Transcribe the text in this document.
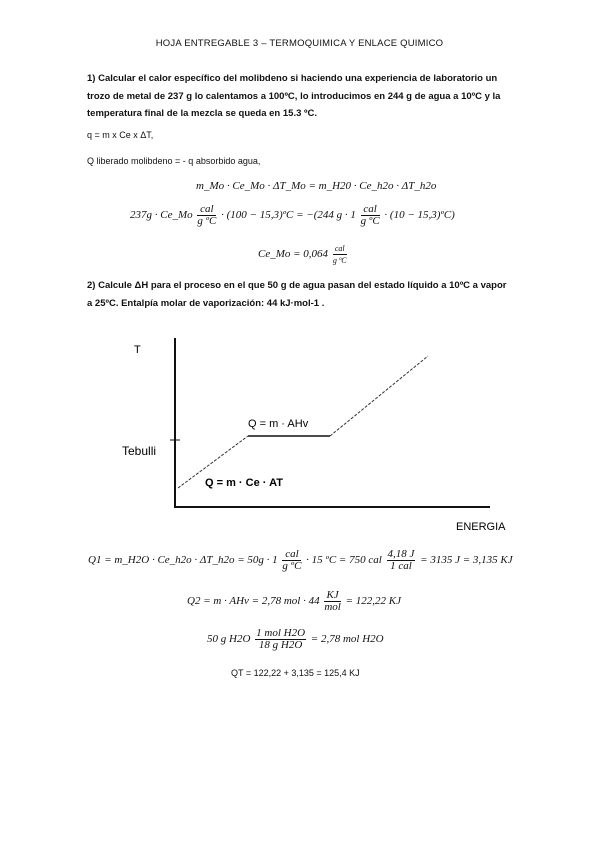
HOJA ENTREGABLE 3 – TERMOQUIMICA Y ENLACE QUIMICO
1) Calcular el calor específico del molibdeno si haciendo una experiencia de laboratorio un
trozo de metal de 237 g lo calentamos a 100ºC, lo introducimos en 244 g de agua a 10ºC y la
temperatura final de la mezcla se queda en 15.3 ºC.
q = m x Ce x ΔT,
Q liberado molibdeno = - q absorbido agua,
m_Mo · Ce_Mo · ΔT_Mo = m_H20 · Ce_h2o · ΔT_h2o
237g · Ce_Mo $\frac{\text{cal}}{\text{g ºC}} \cdot (100$ − 15,3)ºC = −(244 $g \cdot 1 \frac{\text{cal}}{\text{g ºC}} \cdot (10$ − 15,3)ºC)
Ce_Mo = $0,064 \frac{\text{cal}}{\text{g ºC}}$
2) Calcule ΔH para el proceso en el que 50 g de agua pasan del estado líquido a 10ºC a vapor
a 25ºC. Entalpía molar de vaporización: 44 kJ·mol-1 .
T
Tebulli
Q = m · AHv
Q = m · Ce · AT
ENERGIA
Q1 = m_H2O · Ce_h2o · ΔT_h2o = $50g \cdot 1 \frac{\text{cal}}{\text{g ºC}} \cdot 15$ ºC = 750 cal $\frac{4,18 J}{\text{1 cal}} = 3135$ J = 3,135 KJ
Q2 = m · AHv = 2,78 mol · $44 \frac{KJ}{\text{mol}} = 122,22$ KJ
50 g $H2O \frac{\text{1 mol H2O}}{\text{18 g H2O}} = 2,78$ mol H2O
QT = 122,22 + 3,135 = 125,4 KJ
